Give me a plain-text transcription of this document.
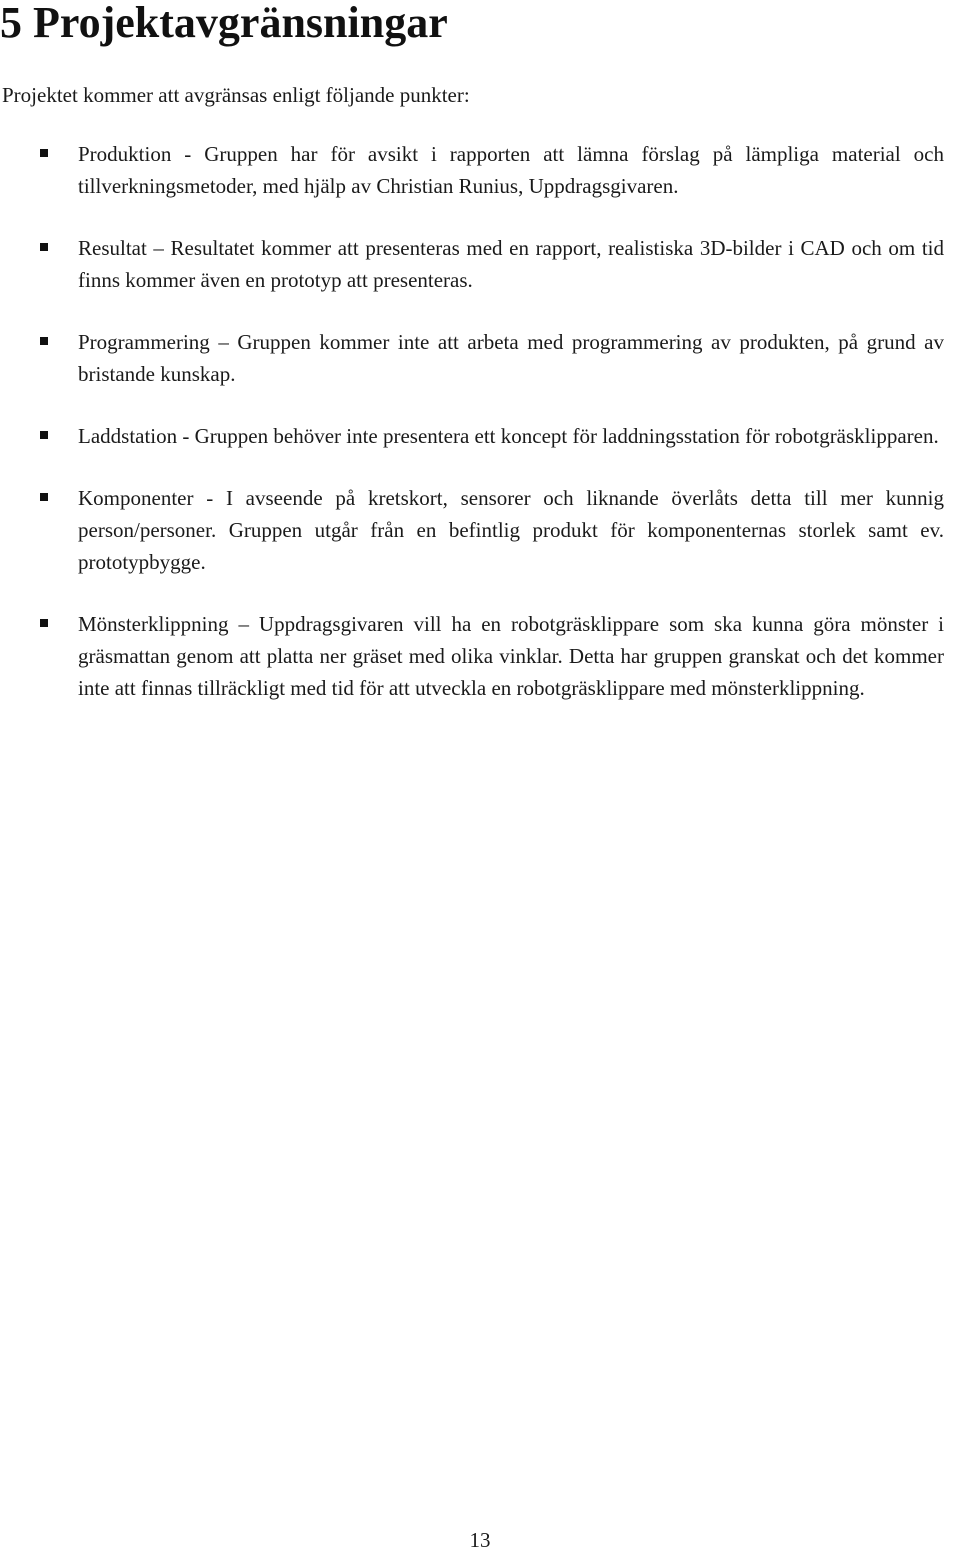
5 Projektavgränsningar

Projektet kommer att avgränsas enligt följande punkter:

Produktion - Gruppen har för avsikt i rapporten att lämna förslag på lämpliga material och tillverkningsmetoder, med hjälp av Christian Runius, Uppdragsgivaren.
Resultat – Resultatet kommer att presenteras med en rapport, realistiska 3D-bilder i CAD och om tid finns kommer även en prototyp att presenteras.
Programmering – Gruppen kommer inte att arbeta med programmering av produkten, på grund av bristande kunskap.
Laddstation - Gruppen behöver inte presentera ett koncept för laddningsstation för robotgräsklipparen.
Komponenter - I avseende på kretskort, sensorer och liknande överlåts detta till mer kunnig person/personer. Gruppen utgår från en befintlig produkt för komponenternas storlek samt ev. prototypbygge.
Mönsterklippning – Uppdragsgivaren vill ha en robotgräsklippare som ska kunna göra mönster i gräsmattan genom att platta ner gräset med olika vinklar. Detta har gruppen granskat och det kommer inte att finnas tillräckligt med tid för att utveckla en robotgräsklippare med mönsterklippning.

13
